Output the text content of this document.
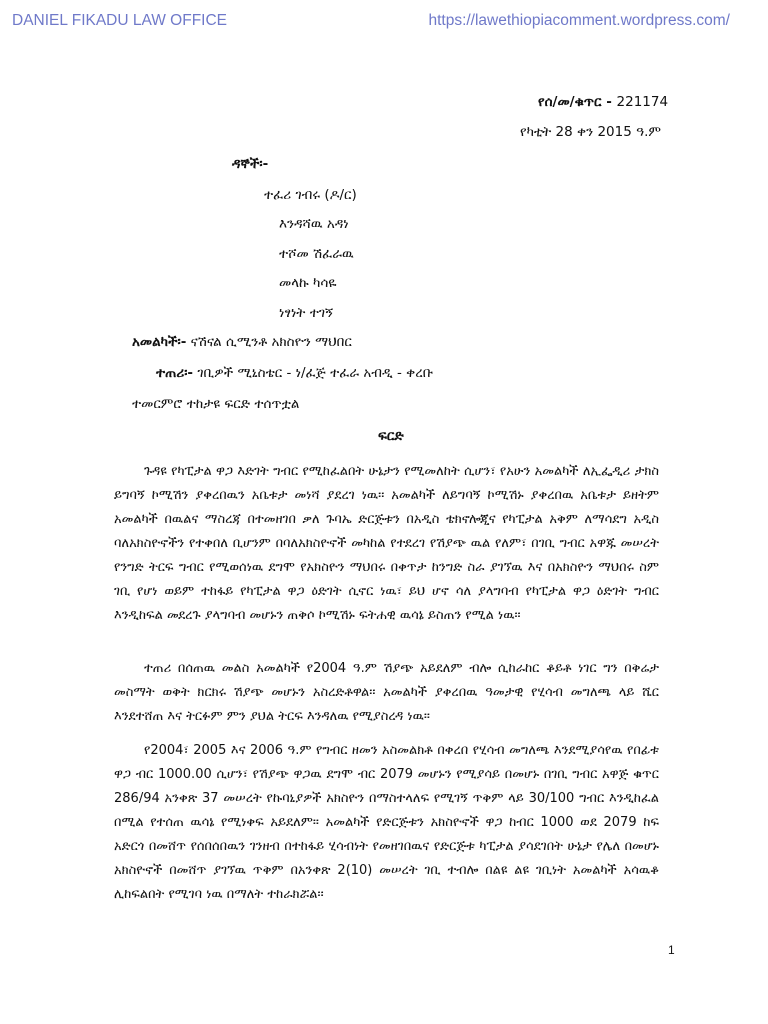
DANIEL FIKADU LAW OFFICE	https://lawethiopiacomment.wordpress.com/
የሰ/መ/ቁጥር - 221174
የካቲት 28 ቀን 2015 ዓ.ም
ዳኞች፡-
ተፈሪ ገብሩ (ዶ/ር)
እንዳሻዉ አዳነ
ተሾመ ሽፈራዉ
መላኩ ካሳዬ
ነፃነት ተገኝ
አመልካች፡- ናሽናል ሲሚንቶ አክስዮን ማህበር
ተጠሪ፡- ገቢዎች ሚኒስቴር - ነ/ፈጅ ተፈራ አብዲ - ቀረቡ
ተመርምሮ ተከታዩ ፍርድ ተሰጥቷል
ፍርድ

ጉዳዩ የካፒታል ዋጋ እድገት ግብር የሚከፈልበት ሁኔታን የሚመለከት ሲሆን፣ የአሁን አመልካች ለኢፌዲሪ ታክስ ይግባኝ ኮሚሽን ያቀረበዉን አቤቱታ መነሻ ያደረገ ነዉ፡፡ አመልካች ለይግባኝ ኮሚሽኑ ያቀረበዉ አቤቱታ ይዘትም አመልካች በዉልና ማስረጃ በተመዘገበ ቃለ ጉባኤ ድርጅቱን በአዲስ ቴክኖሎጂና የካፒታል አቅም ለማሳደግ አዲስ ባለአክስዮኖችን የተቀበለ ቢሆንም በባለአክስዮኖች መካከል የተደረገ የሽያጭ ዉል የለም፣ በገቢ ግብር አዋጁ መሠረት የንግድ ትርፍ ግብር የሚወሰነዉ ደግሞ የአክስዮን ማህበሩ በቀጥታ ከንግድ ስራ ያገኘዉ እና በአክስዮን ማህበሩ ስም ገቢ የሆነ ወይም ተከፋይ የካፒታል ዋጋ ዕድገት ሲኖር ነዉ፣ ይህ ሆኖ ሳለ ያላግባብ የካፒታል ዋጋ ዕድገት ግብር እንዲከፍል መደረጉ ያላግባብ መሆኑን ጠቅሶ ኮሚሽኑ ፍትሐዊ ዉሳኔ ይስጠን የሚል ነዉ፡፡

ተጠሪ በሰጠዉ መልስ አመልካች የ2004 ዓ.ም ሽያጭ አይደለም ብሎ ሲከራከር ቆይቶ ነገር ግን በቅሬታ መስማት ወቅት ክርክሩ ሽያጭ መሆኑን አስረድቶዋል፡፡ አመልካች ያቀረበዉ ዓመታዊ የሂሳብ መግለጫ ላይ ሼር እንደተሸጠ እና ትርፉም ምን ያህል ትርፍ እንዳለዉ የሚያስረዳ ነዉ፡፡

የ2004፣ 2005 እና 2006 ዓ.ም የግብር ዘመን አስመልክቶ በቀረበ የሂሳብ መግለጫ እንደሚያሳየዉ የበፊቱ ዋጋ ብር 1000.00 ሲሆን፣ የሽያጭ ዋጋዉ ደግሞ ብር 2079 መሆኑን የሚያሳይ በመሆኑ በገቢ ግብር አዋጅ ቁጥር 286/94 አንቀጽ 37 መሠረት የኩባኒያዎች አክስዮን በማስተላለፍ የሚገኝ ጥቅም ላይ 30/100 ግብር እንዲከፈል በሚል የተሰጠ ዉሳኔ የሚነቀፍ አይደለም፡፡ አመልካች የድርጅቱን አክስዮኖች ዋጋ ከብር 1000 ወደ 2079 ከፍ አድርጎ በመሸጥ የሰበሰበዉን ገንዘብ በተከፋይ ሂሳብነት የመዘገበዉና የድርጅቱ ካፒታል ያሳደገበት ሁኔታ የሌለ በመሆኑ አክስዮኖች በመሸጥ ያገኘዉ ጥቅም በአንቀጽ 2(10) መሠረት ገቢ ተብሎ በልዩ ልዩ ገቢነት አመልካች አሳዉቆ ሊከፍልበት የሚገባ ነዉ በማለት ተከራክሯል፡፡

1
